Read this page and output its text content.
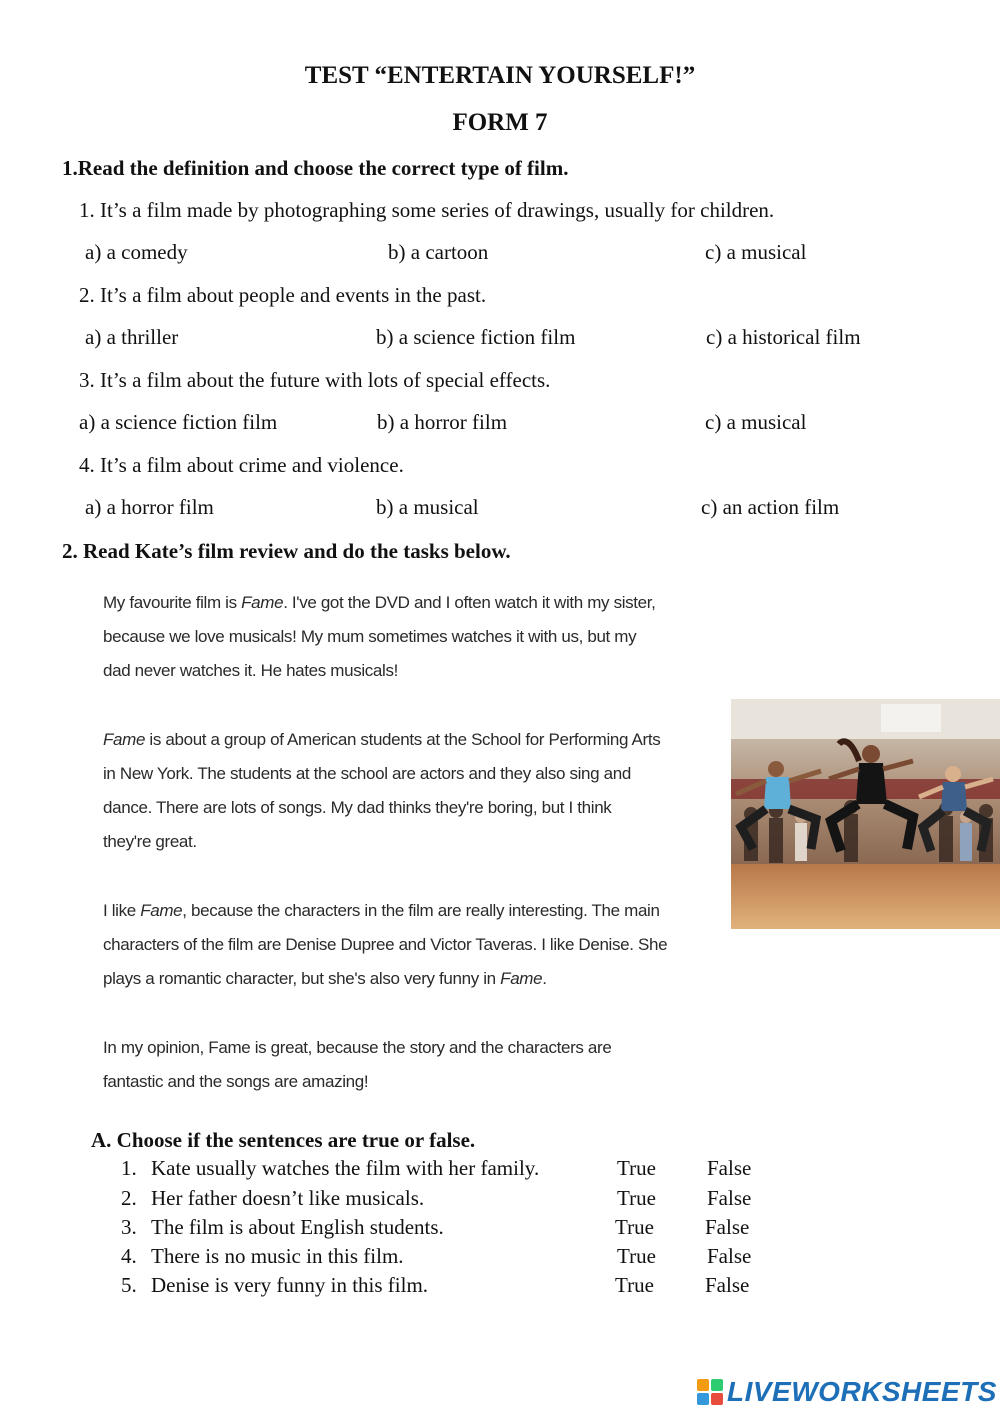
TEST “ENTERTAIN YOURSELF!”
FORM 7
1.Read the definition and choose the correct type of film.
1. It’s a film made by photographing some series of drawings, usually for children.
a) a comedy	b) a cartoon	c) a musical
2. It’s a film about people and events in the past.
a) a thriller	b) a science fiction film	c) a historical film
3. It’s a film about the future with lots of special effects.
a) a science fiction film	b) a horror film	c) a musical
4. It’s a film about crime and violence.
a) a horror film	b) a musical	c) an action film
2. Read Kate’s film review and do the tasks below.
My favourite film is Fame. I've got the DVD and I often watch it with my sister,
because we love musicals! My mum sometimes watches it with us, but my
dad never watches it. He hates musicals!
Fame is about a group of American students at the School for Performing Arts
in New York. The students at the school are actors and they also sing and
dance. There are lots of songs. My dad thinks they're boring, but I think
they're great.
I like Fame, because the characters in the film are really interesting. The main
characters of the film are Denise Dupree and Victor Taveras. I like Denise. She
plays a romantic character, but she's also very funny in Fame.
In my opinion, Fame is great, because the story and the characters are
fantastic and the songs are amazing!
A. Choose if the sentences are true or false.
1. Kate usually watches the film with her family.	True False
2. Her father doesn’t like musicals.	True False
3. The film is about English students.	True False
4. There is no music in this film.	True False
5. Denise is very funny in this film.	True False
LIVEWORKSHEETS
